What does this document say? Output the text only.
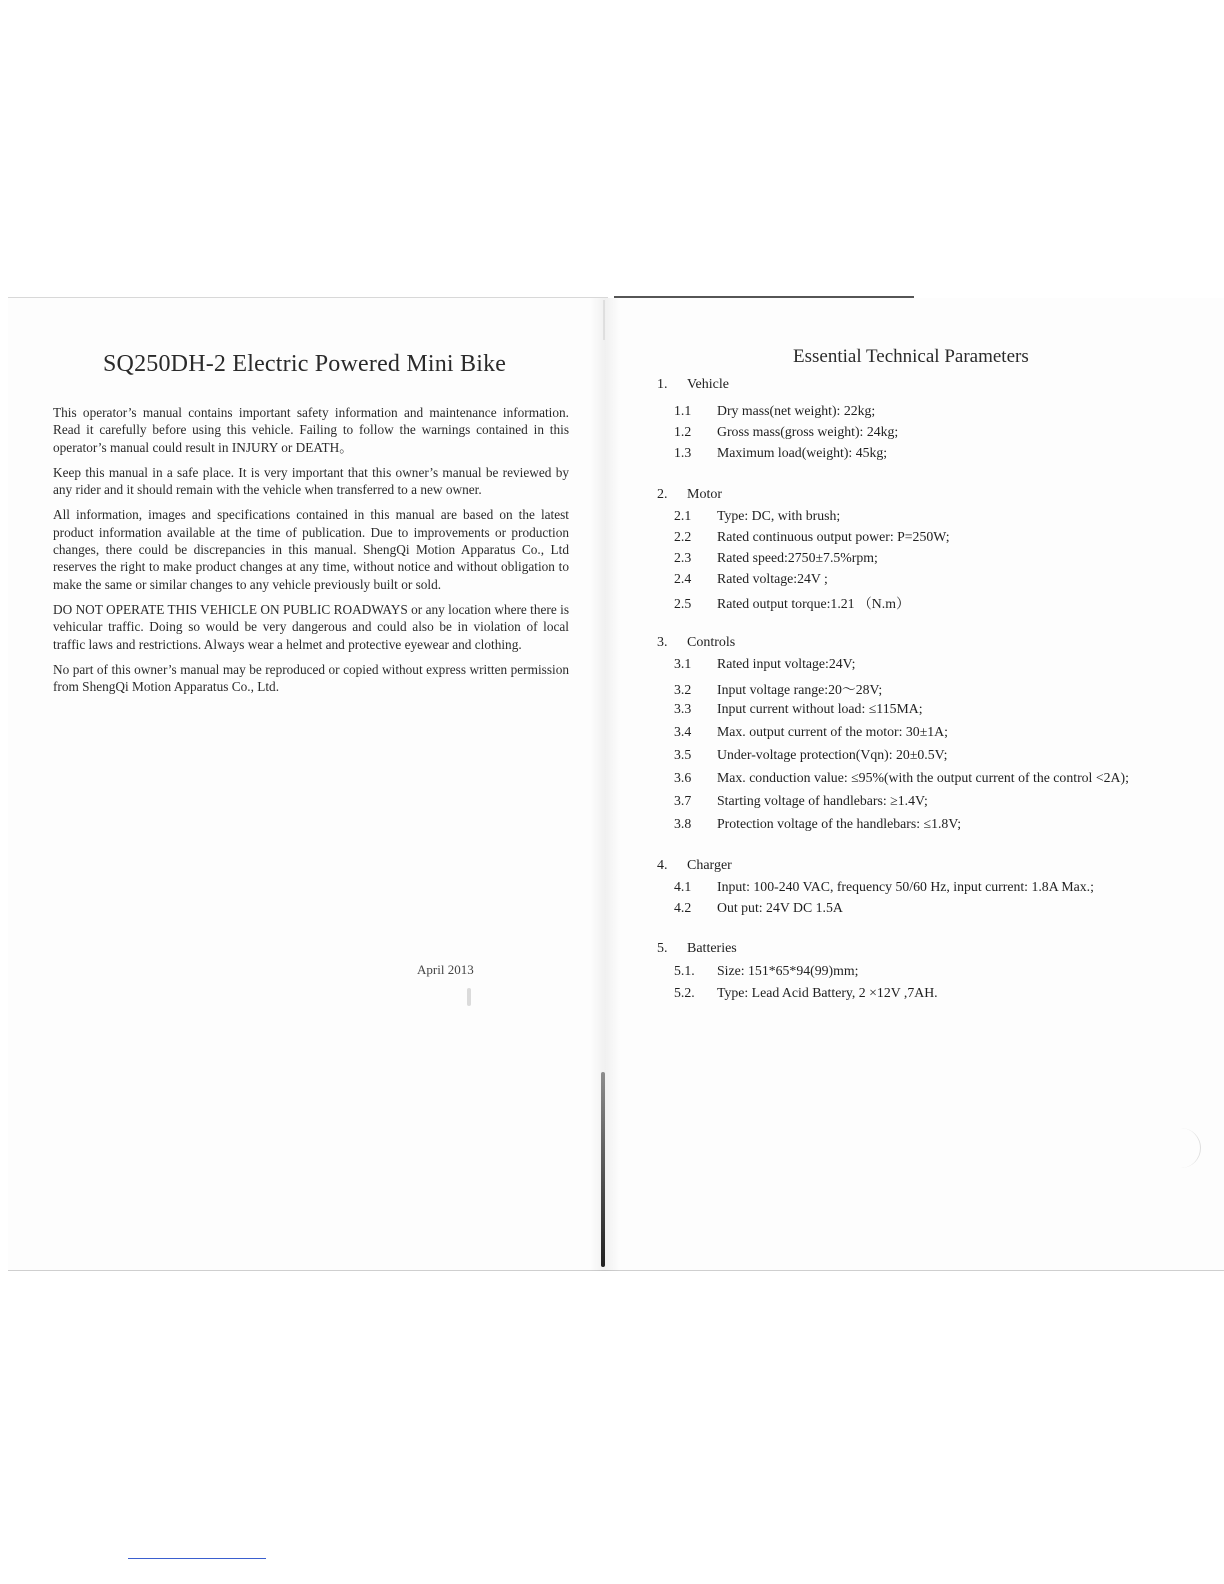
SQ250DH-2 Electric Powered Mini Bike

This operator’s manual contains important safety information and maintenance information. Read it carefully before using this vehicle. Failing to follow the warnings contained in this operator’s manual could result in INJURY or DEATH。

Keep this manual in a safe place. It is very important that this owner’s manual be reviewed by any rider and it should remain with the vehicle when transferred to a new owner.

All information, images and specifications contained in this manual are based on the latest product information available at the time of publication. Due to improvements or production changes, there could be discrepancies in this manual. ShengQi Motion Apparatus Co., Ltd reserves the right to make product changes at any time, without notice and without obligation to make the same or similar changes to any vehicle previously built or sold.

DO NOT OPERATE THIS VEHICLE ON PUBLIC ROADWAYS or any location where there is vehicular traffic. Doing so would be very dangerous and could also be in violation of local traffic laws and restrictions. Always wear a helmet and protective eyewear and clothing.

No part of this owner’s manual may be reproduced or copied without express written permission from ShengQi Motion Apparatus Co., Ltd.

April 2013
Essential Technical Parameters
1. Vehicle
1.1 Dry mass(net weight): 22kg;
1.2 Gross mass(gross weight): 24kg;
1.3 Maximum load(weight): 45kg;
2. Motor
2.1 Type: DC, with brush;
2.2 Rated continuous output power: P=250W;
2.3 Rated speed:2750±7.5%rpm;
2.4 Rated voltage:24V ;
2.5 Rated output torque:1.21 （N.m）
3. Controls
3.1 Rated input voltage:24V;
3.2 Input voltage range:20～28V;
3.3 Input current without load: ≤115MA;
3.4 Max. output current of the motor: 30±1A;
3.5 Under-voltage protection(Vqn): 20±0.5V;
3.6 Max. conduction value: ≤95%(with the output current of the control <2A);
3.7 Starting voltage of handlebars: ≥1.4V;
3.8 Protection voltage of the handlebars: ≤1.8V;
4. Charger
4.1 Input: 100-240 VAC, frequency 50/60 Hz, input current: 1.8A Max.;
4.2 Out put: 24V DC 1.5A
5. Batteries
5.1. Size: 151*65*94(99)mm;
5.2. Type: Lead Acid Battery, 2 ×12V ,7AH.
